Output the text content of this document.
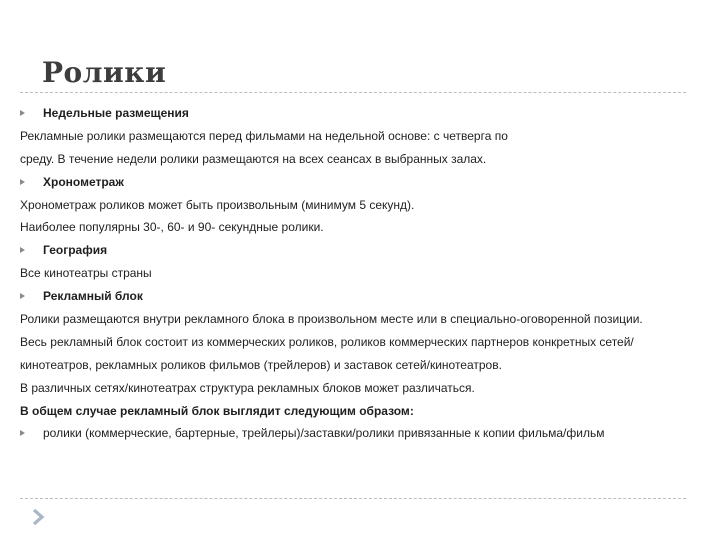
Ролики
Недельные размещения
Рекламные ролики размещаются перед фильмами на недельной основе: с четверга по
среду. В течение недели ролики размещаются на всех сеансах в выбранных залах.
Хронометраж
Хронометраж роликов может быть произвольным (минимум 5 секунд).
Наиболее популярны 30-, 60- и 90- секундные ролики.
География
Все кинотеатры страны
Рекламный блок
Ролики размещаются внутри рекламного блока в произвольном месте или в специально-оговоренной позиции.
Весь рекламный блок состоит из коммерческих роликов, роликов коммерческих партнеров конкретных сетей/
кинотеатров, рекламных роликов фильмов (трейлеров) и заставок сетей/кинотеатров.
В различных сетях/кинотеатрах структура рекламных блоков может различаться.
В общем случае рекламный блок выглядит следующим образом:
ролики (коммерческие, бартерные, трейлеры)/заставки/ролики привязанные к копии фильма/фильм
